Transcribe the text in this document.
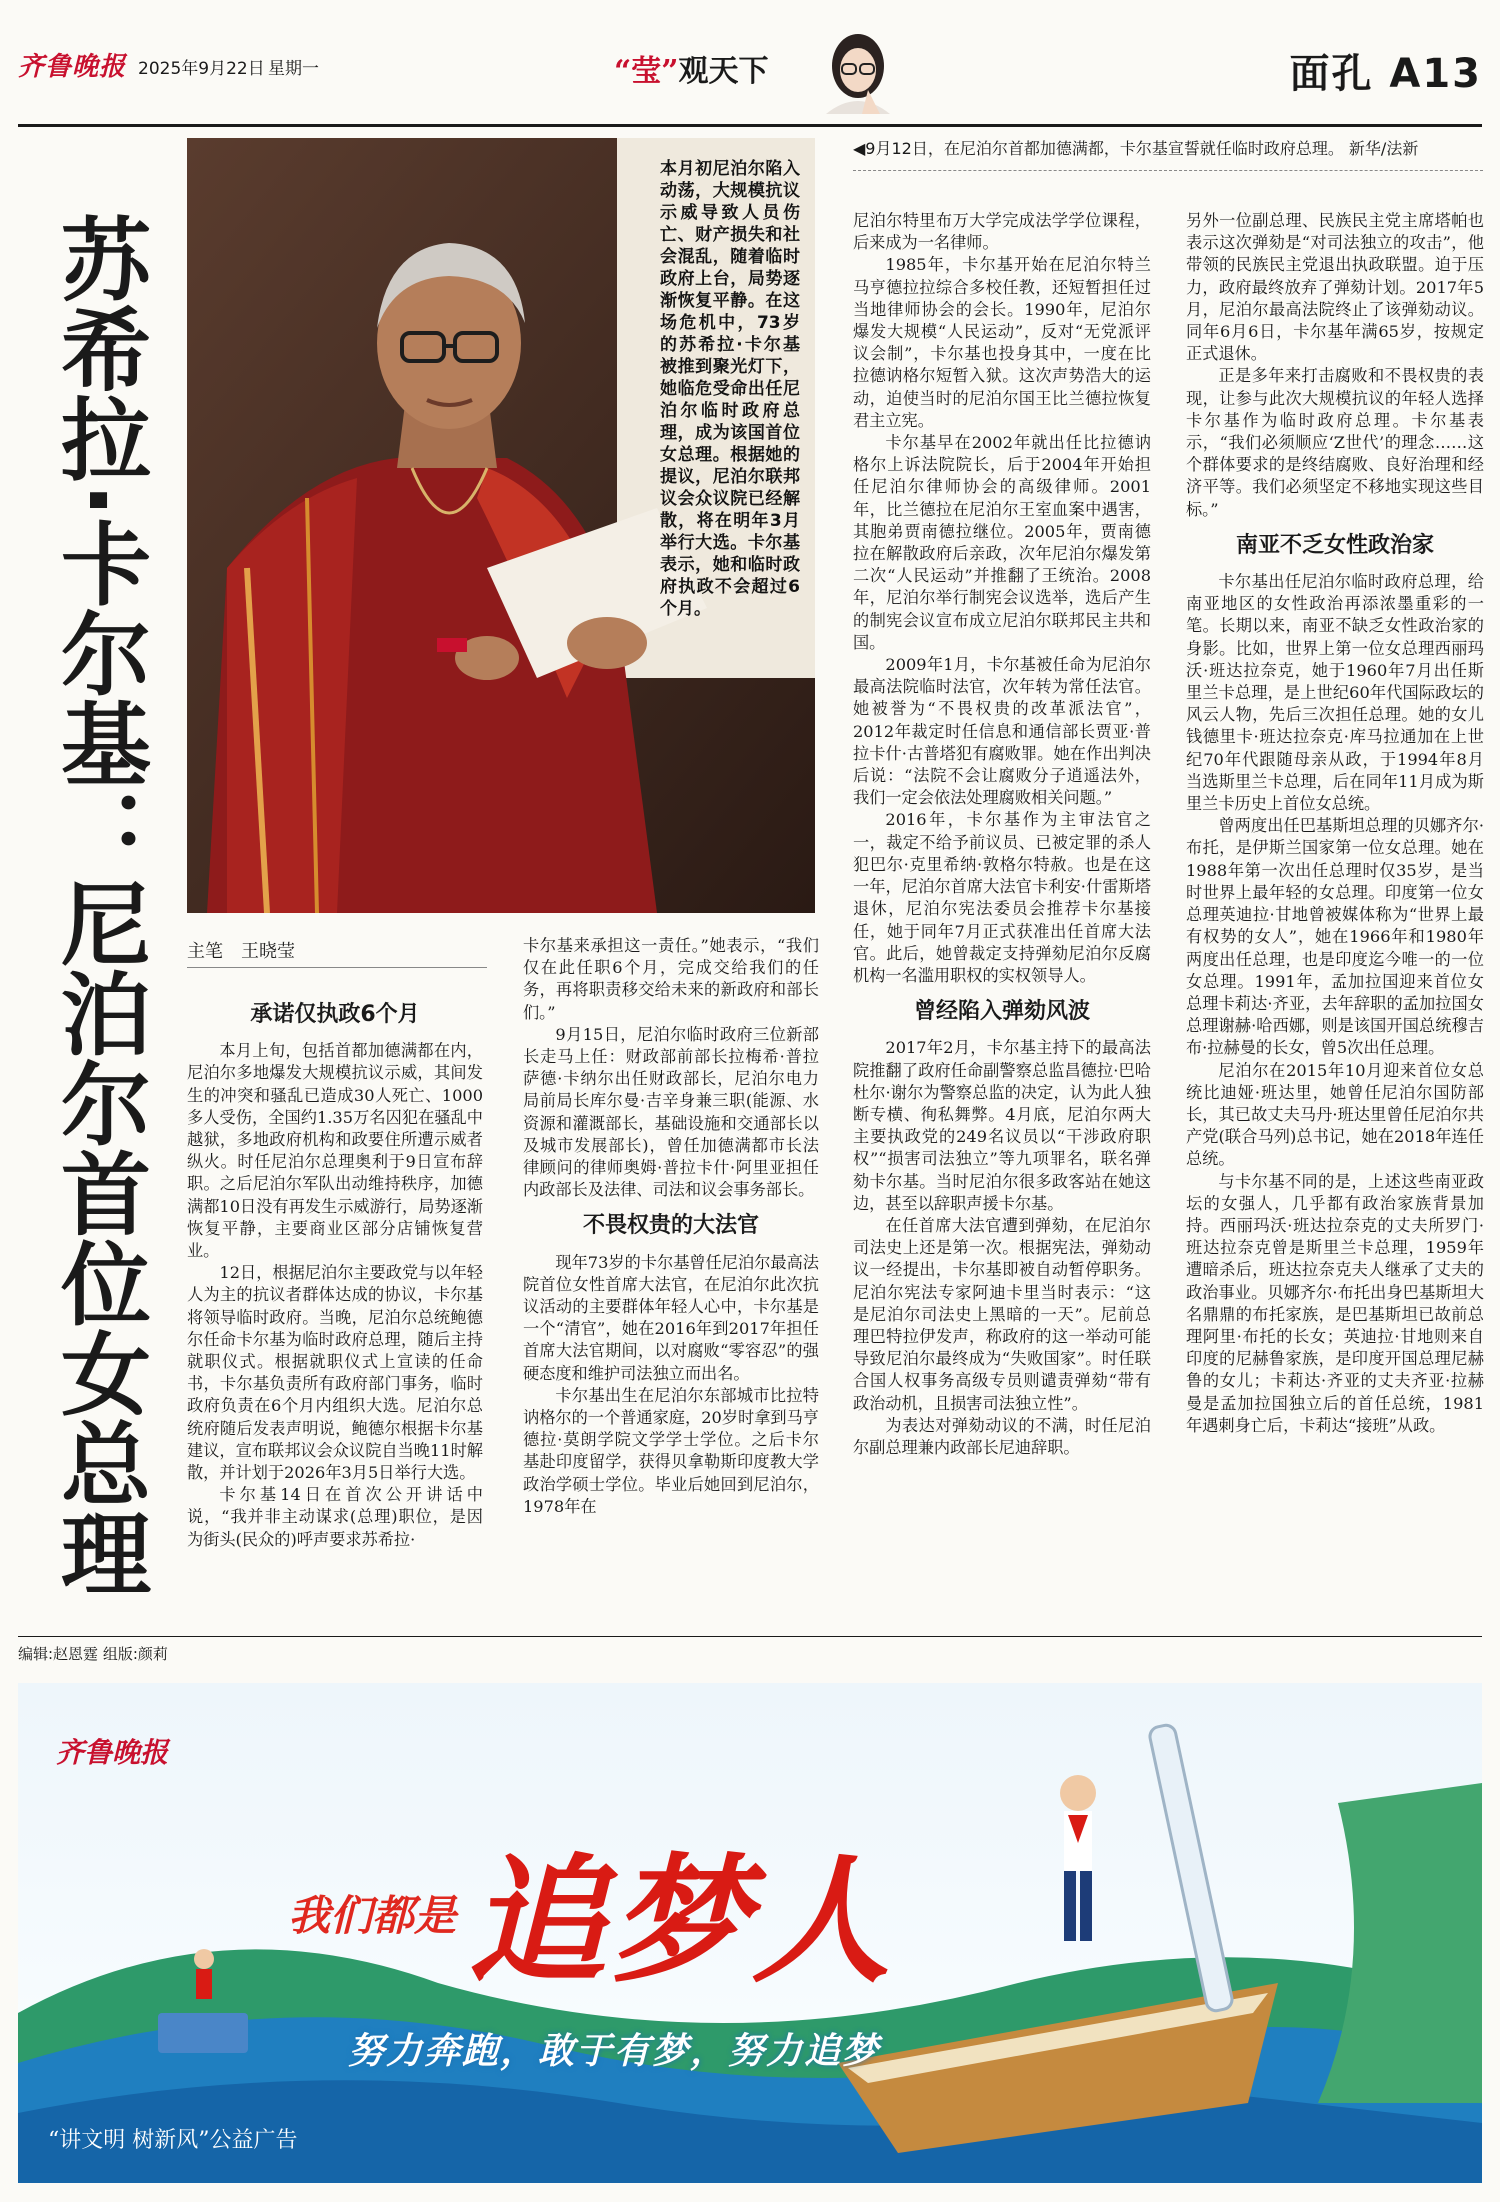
齐鲁晚报 2025年9月22日 星期一	“莹”观天下	面孔 A13
苏希拉·卡尔基：尼泊尔首位女总理
本月初尼泊尔陷入动荡，大规模抗议示威导致人员伤亡、财产损失和社会混乱，随着临时政府上台，局势逐渐恢复平静。在这场危机中，73岁的苏希拉·卡尔基被推到聚光灯下，她临危受命出任尼泊尔临时政府总理，成为该国首位女总理。根据她的提议，尼泊尔联邦议会众议院已经解散，将在明年3月举行大选。卡尔基表示，她和临时政府执政不会超过6个月。
主笔 王晓莹
◀9月12日，在尼泊尔首都加德满都，卡尔基宣誓就任临时政府总理。 新华/法新
承诺仅执政6个月

本月上旬，包括首都加德满都在内，尼泊尔多地爆发大规模抗议示威，其间发生的冲突和骚乱已造成30人死亡、1000多人受伤，全国约1.35万名囚犯在骚乱中越狱，多地政府机构和政要住所遭示威者纵火。时任尼泊尔总理奥利于9日宣布辞职。之后尼泊尔军队出动维持秩序，加德满都10日没有再发生示威游行，局势逐渐恢复平静，主要商业区部分店铺恢复营业。

12日，根据尼泊尔主要政党与以年轻人为主的抗议者群体达成的协议，卡尔基将领导临时政府。当晚，尼泊尔总统鲍德尔任命卡尔基为临时政府总理，随后主持就职仪式。根据就职仪式上宣读的任命书，卡尔基负责所有政府部门事务，临时政府负责在6个月内组织大选。尼泊尔总统府随后发表声明说，鲍德尔根据卡尔基建议，宣布联邦议会众议院自当晚11时解散，并计划于2026年3月5日举行大选。

卡尔基14日在首次公开讲话中说，“我并非主动谋求(总理)职位，是因为街头(民众的)呼声要求苏希拉·

卡尔基来承担这一责任。”她表示，“我们仅在此任职6个月，完成交给我们的任务，再将职责移交给未来的新政府和部长们。”

9月15日，尼泊尔临时政府三位新部长走马上任：财政部前部长拉梅希·普拉萨德·卡纳尔出任财政部长，尼泊尔电力局前局长库尔曼·吉辛身兼三职(能源、水资源和灌溉部长，基础设施和交通部长以及城市发展部长)，曾任加德满都市长法律顾问的律师奥姆·普拉卡什·阿里亚担任内政部长及法律、司法和议会事务部长。

不畏权贵的大法官

现年73岁的卡尔基曾任尼泊尔最高法院首位女性首席大法官，在尼泊尔此次抗议活动的主要群体年轻人心中，卡尔基是一个“清官”，她在2016年到2017年担任首席大法官期间，以对腐败“零容忍”的强硬态度和维护司法独立而出名。

卡尔基出生在尼泊尔东部城市比拉特讷格尔的一个普通家庭，20岁时拿到马亨德拉·莫朗学院文学学士学位。之后卡尔基赴印度留学，获得贝拿勒斯印度教大学政治学硕士学位。毕业后她回到尼泊尔，1978年在

尼泊尔特里布万大学完成法学学位课程，后来成为一名律师。

1985年，卡尔基开始在尼泊尔特兰马亨德拉拉综合多校任教，还短暂担任过当地律师协会的会长。1990年，尼泊尔爆发大规模“人民运动”，反对“无党派评议会制”，卡尔基也投身其中，一度在比拉德讷格尔短暂入狱。这次声势浩大的运动，迫使当时的尼泊尔国王比兰德拉恢复君主立宪。

卡尔基早在2002年就出任比拉德讷格尔上诉法院院长，后于2004年开始担任尼泊尔律师协会的高级律师。2001年，比兰德拉在尼泊尔王室血案中遇害，其胞弟贾南德拉继位。2005年，贾南德拉在解散政府后亲政，次年尼泊尔爆发第二次“人民运动”并推翻了王统治。2008年，尼泊尔举行制宪会议选举，选后产生的制宪会议宣布成立尼泊尔联邦民主共和国。

2009年1月，卡尔基被任命为尼泊尔最高法院临时法官，次年转为常任法官。她被誉为“不畏权贵的改革派法官”，2012年裁定时任信息和通信部长贾亚·普拉卡什·古普塔犯有腐败罪。她在作出判决后说：“法院不会让腐败分子逍遥法外，我们一定会依法处理腐败相关问题。”

2016年，卡尔基作为主审法官之一，裁定不给予前议员、已被定罪的杀人犯巴尔·克里希纳·敦格尔特赦。也是在这一年，尼泊尔首席大法官卡利安·什雷斯塔退休，尼泊尔宪法委员会推荐卡尔基接任，她于同年7月正式获准出任首席大法官。此后，她曾裁定支持弹劾尼泊尔反腐机构一名滥用职权的实权领导人。

曾经陷入弹劾风波

2017年2月，卡尔基主持下的最高法院推翻了政府任命副警察总监昌德拉·巴哈杜尔·谢尔为警察总监的决定，认为此人独断专横、徇私舞弊。4月底，尼泊尔两大主要执政党的249名议员以“干涉政府职权”“损害司法独立”等九项罪名，联名弹劾卡尔基。当时尼泊尔很多政客站在她这边，甚至以辞职声援卡尔基。

在任首席大法官遭到弹劾，在尼泊尔司法史上还是第一次。根据宪法，弹劾动议一经提出，卡尔基即被自动暂停职务。尼泊尔宪法专家阿迪卡里当时表示：“这是尼泊尔司法史上黑暗的一天”。尼前总理巴特拉伊发声，称政府的这一举动可能导致尼泊尔最终成为“失败国家”。时任联合国人权事务高级专员则谴责弹劾“带有政治动机，且损害司法独立性”。

为表达对弹劾动议的不满，时任尼泊尔副总理兼内政部长尼迪辞职。

另外一位副总理、民族民主党主席塔帕也表示这次弹劾是“对司法独立的攻击”，他带领的民族民主党退出执政联盟。迫于压力，政府最终放弃了弹劾计划。2017年5月，尼泊尔最高法院终止了该弹劾动议。同年6月6日，卡尔基年满65岁，按规定正式退休。

正是多年来打击腐败和不畏权贵的表现，让参与此次大规模抗议的年轻人选择卡尔基作为临时政府总理。卡尔基表示，“我们必须顺应‘Z世代’的理念……这个群体要求的是终结腐败、良好治理和经济平等。我们必须坚定不移地实现这些目标。”

南亚不乏女性政治家

卡尔基出任尼泊尔临时政府总理，给南亚地区的女性政治再添浓墨重彩的一笔。长期以来，南亚不缺乏女性政治家的身影。比如，世界上第一位女总理西丽玛沃·班达拉奈克，她于1960年7月出任斯里兰卡总理，是上世纪60年代国际政坛的风云人物，先后三次担任总理。她的女儿钱德里卡·班达拉奈克·库马拉通加在上世纪70年代跟随母亲从政，于1994年8月当选斯里兰卡总理，后在同年11月成为斯里兰卡历史上首位女总统。

曾两度出任巴基斯坦总理的贝娜齐尔·布托，是伊斯兰国家第一位女总理。她在1988年第一次出任总理时仅35岁，是当时世界上最年轻的女总理。印度第一位女总理英迪拉·甘地曾被媒体称为“世界上最有权势的女人”，她在1966年和1980年两度出任总理，也是印度迄今唯一的一位女总理。1991年，孟加拉国迎来首位女总理卡莉达·齐亚，去年辞职的孟加拉国女总理谢赫·哈西娜，则是该国开国总统穆吉布·拉赫曼的长女，曾5次出任总理。

尼泊尔在2015年10月迎来首位女总统比迪娅·班达里，她曾任尼泊尔国防部长，其已故丈夫马丹·班达里曾任尼泊尔共产党(联合马列)总书记，她在2018年连任总统。

与卡尔基不同的是，上述这些南亚政坛的女强人，几乎都有政治家族背景加持。西丽玛沃·班达拉奈克的丈夫所罗门·班达拉奈克曾是斯里兰卡总理，1959年遭暗杀后，班达拉奈克夫人继承了丈夫的政治事业。贝娜齐尔·布托出身巴基斯坦大名鼎鼎的布托家族，是巴基斯坦已故前总理阿里·布托的长女；英迪拉·甘地则来自印度的尼赫鲁家族，是印度开国总理尼赫鲁的女儿；卡莉达·齐亚的丈夫齐亚·拉赫曼是孟加拉国独立后的首任总统，1981年遇刺身亡后，卡莉达“接班”从政。

编辑:赵恩霆 组版:颜莉
齐鲁晚报
我们都是 追梦人
努力奔跑，敢于有梦，努力追梦
“讲文明 树新风”公益广告
